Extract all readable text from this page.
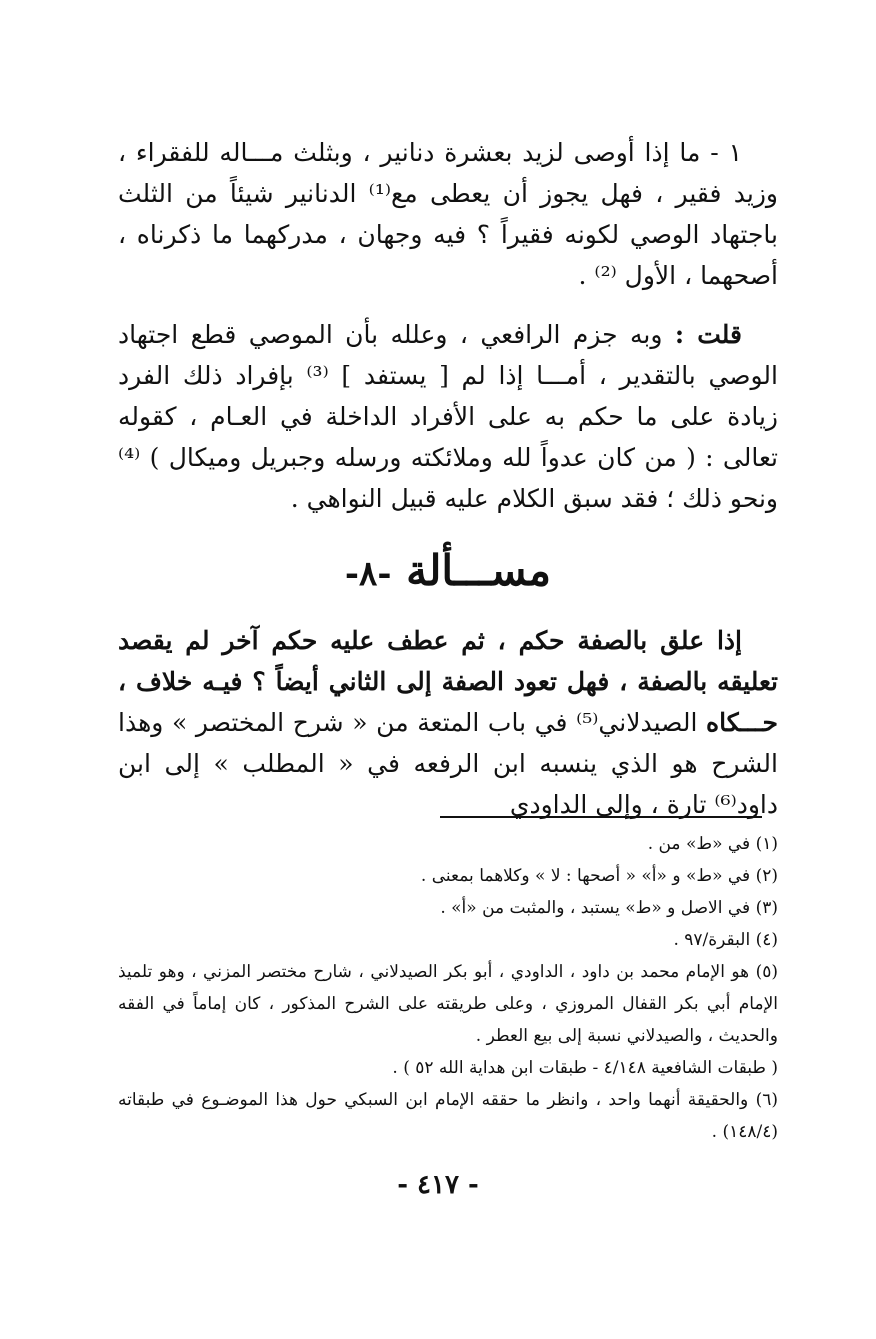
١ - ما إذا أوصى لزيد بعشرة دنانير ، وبثلث مـــاله للفقراء ، وزيد فقير ، فهل يجوز أن يعطى مع⁽¹⁾ الدنانير شيئاً من الثلث باجتهاد الوصي لكونه فقيراً ؟ فيه وجهان ، مدركهما ما ذكرناه ، أصحهما ، الأول ⁽²⁾ .

قلت : وبه جزم الرافعي ، وعلله بأن الموصي قطع اجتهاد الوصي بالتقدير ، أمـــا إذا لم [ يستفد ] ⁽³⁾ بإفراد ذلك الفرد زيادة على ما حكم به على الأفراد الداخلة في العـام ، كقوله تعالى : ( من كان عدواً لله وملائكته ورسله وجبريل وميكال ) ⁽⁴⁾ ونحو ذلك ؛ فقد سبق الكلام عليه قبيل النواهي .

مســـألة -٨-

إذا علق بالصفة حكم ، ثم عطف عليه حكم آخر لم يقصد تعليقه بالصفة ، فهل تعود الصفة إلى الثاني أيضاً ؟ فيـه خلاف ، حـــكاه الصيدلاني⁽⁵⁾ في باب المتعة من « شرح المختصر » وهذا الشرح هو الذي ينسبه ابن الرفعه في « المطلب » إلى ابن داود⁽⁶⁾ تارة ، وإلى الداودي

(١) في «ط» من .

(٢) في «ط» و «أ» « أصحها : لا » وكلاهما بمعنى .

(٣) في الاصل و «ط» يستبد ، والمثبت من «أ» .

(٤) البقرة/٩٧ .

(٥) هو الإمام محمد بن داود ، الداودي ، أبو بكر الصيدلاني ، شارح مختصر المزني ، وهو تلميذ الإمام أبي بكر القفال المروزي ، وعلى طريقته على الشرح المذكور ، كان إماماً في الفقه والحديث ، والصيدلاني نسبة إلى بيع العطر .

( طبقات الشافعية ٤/١٤٨ - طبقات ابن هداية الله ٥٢ ) .

(٦) والحقيقة أنهما واحد ، وانظر ما حققه الإمام ابن السبكي حول هذا الموضـوع في طبقاته (١٤٨/٤) .

- ٤١٧ -
